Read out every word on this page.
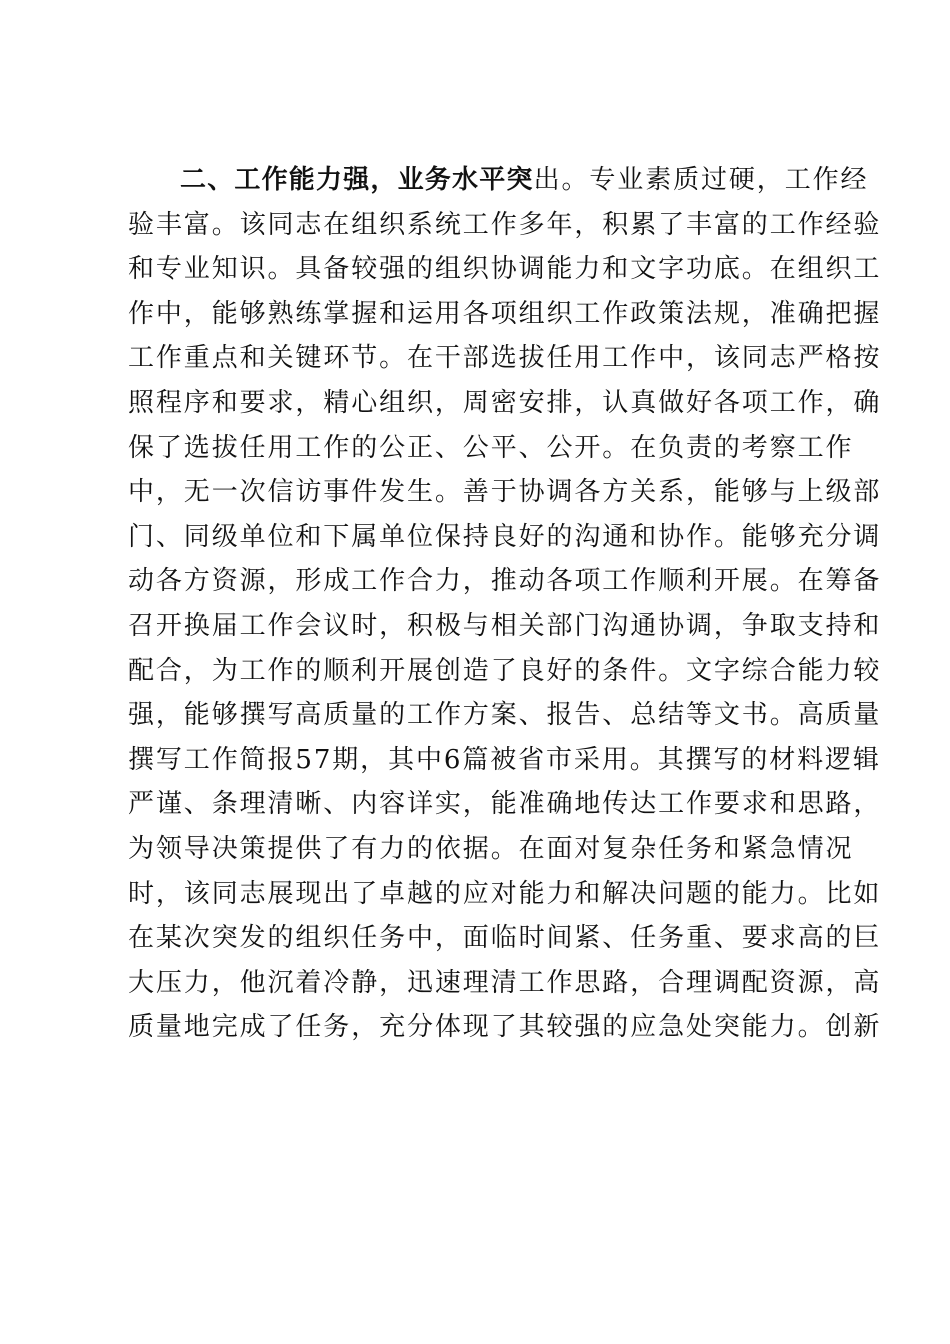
二、工作能力强，业务水平突出。专业素质过硬，工作经
验丰富。该同志在组织系统工作多年，积累了丰富的工作经验
和专业知识。具备较强的组织协调能力和文字功底。在组织工
作中，能够熟练掌握和运用各项组织工作政策法规，准确把握
工作重点和关键环节。在干部选拔任用工作中，该同志严格按
照程序和要求，精心组织，周密安排，认真做好各项工作，确
保了选拔任用工作的公正、公平、公开。在负责的考察工作
中，无一次信访事件发生。善于协调各方关系，能够与上级部
门、同级单位和下属单位保持良好的沟通和协作。能够充分调
动各方资源，形成工作合力，推动各项工作顺利开展。在筹备
召开换届工作会议时，积极与相关部门沟通协调，争取支持和
配合，为工作的顺利开展创造了良好的条件。文字综合能力较
强，能够撰写高质量的工作方案、报告、总结等文书。高质量
撰写工作简报57期，其中6篇被省市采用。其撰写的材料逻辑
严谨、条理清晰、内容详实，能准确地传达工作要求和思路，
为领导决策提供了有力的依据。在面对复杂任务和紧急情况
时，该同志展现出了卓越的应对能力和解决问题的能力。比如
在某次突发的组织任务中，面临时间紧、任务重、要求高的巨
大压力，他沉着冷静，迅速理清工作思路，合理调配资源，高
质量地完成了任务，充分体现了其较强的应急处突能力。创新
